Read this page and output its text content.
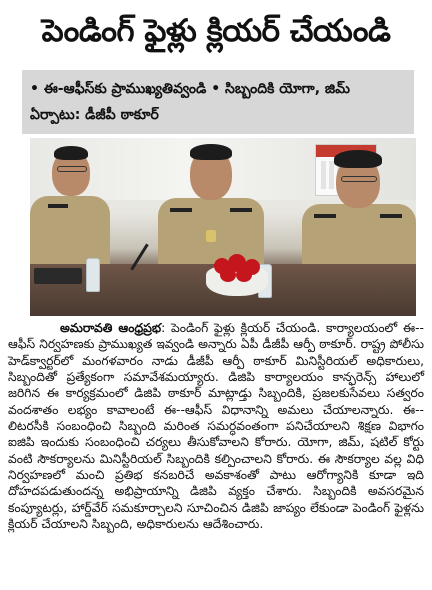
పెండింగ్ ఫైళ్లు క్లియర్ చేయండి
• ఈ-ఆఫీస్‌కు ప్రాముఖ్యతివ్వండి • సిబ్బందికి యోగా, జిమ్
ఏర్పాటు: డీజీపీ ఠాకూర్
అమరావతి ఆంధ్రప్రభ: పెండింగ్ ఫైళ్లు క్లియర్ చేయండి. కార్యాలయంలో ఈ--ఆఫీస్ నిర్వహణకు ప్రాముఖ్యత ఇవ్వండి అన్నారు ఏపీ డీజీపీ ఆర్పీ ఠాకూర్. రాష్ట్ర పోలీసు హెడ్‌క్వార్టర్‌లో మంగళవారం నాడు డీజీపీ ఆర్పీ ఠాకూర్ మినిస్టీరియల్ అధికారులు, సిబ్బందితో ప్రత్యేకంగా సమావేశమయ్యారు. డిజిపి కార్యాలయం కాన్ఫరెన్స్ హాలులో జరిగిన ఈ కార్యక్రమంలో డిజిపి ఠాకూర్ మాట్లాడ్తు సిబ్బందికి, ప్రజలకుసేవలు సత్వరం వందశాతం లభ్యం కావాలంటే ఈ--ఆఫీస్ విధానాన్ని అమలు చేయాలన్నారు. ఈ--లిటరసీకి సంబంధించి సిబ్బంది మరింత సమర్ధవంతంగా పనిచేయాలని శిక్షణ విభాగం ఐజిపి ఇందుకు సంబంధించి చర్యలు తీసుకోవాలని కోరారు. యోగా, జిమ్, షటిల్ కోర్టు వంటి సౌకర్యాలను మినిస్టీరియల్ సిబ్బందికి కల్పించాలని కోరారు. ఈ సౌకర్యాల వల్ల విధి నిర్వహణలో మంచి ప్రతిభ కనబరిచే అవకాశంతో పాటు ఆరోగ్యానికి కూడా ఇది దోహదపడుతుందన్న అభిప్రాయాన్ని డిజిపి వ్యక్తం చేశారు. సిబ్బందికి అవసరమైన కంప్యూటర్లు, హార్డ్‌వేర్ సమకూర్చాలని సూచించిన డిజిపి జాప్యం లేకుండా పెండింగ్ ఫైళ్లను క్లియర్ చేయాలని సిబ్బంది, అధికారులను ఆదేశించారు.
